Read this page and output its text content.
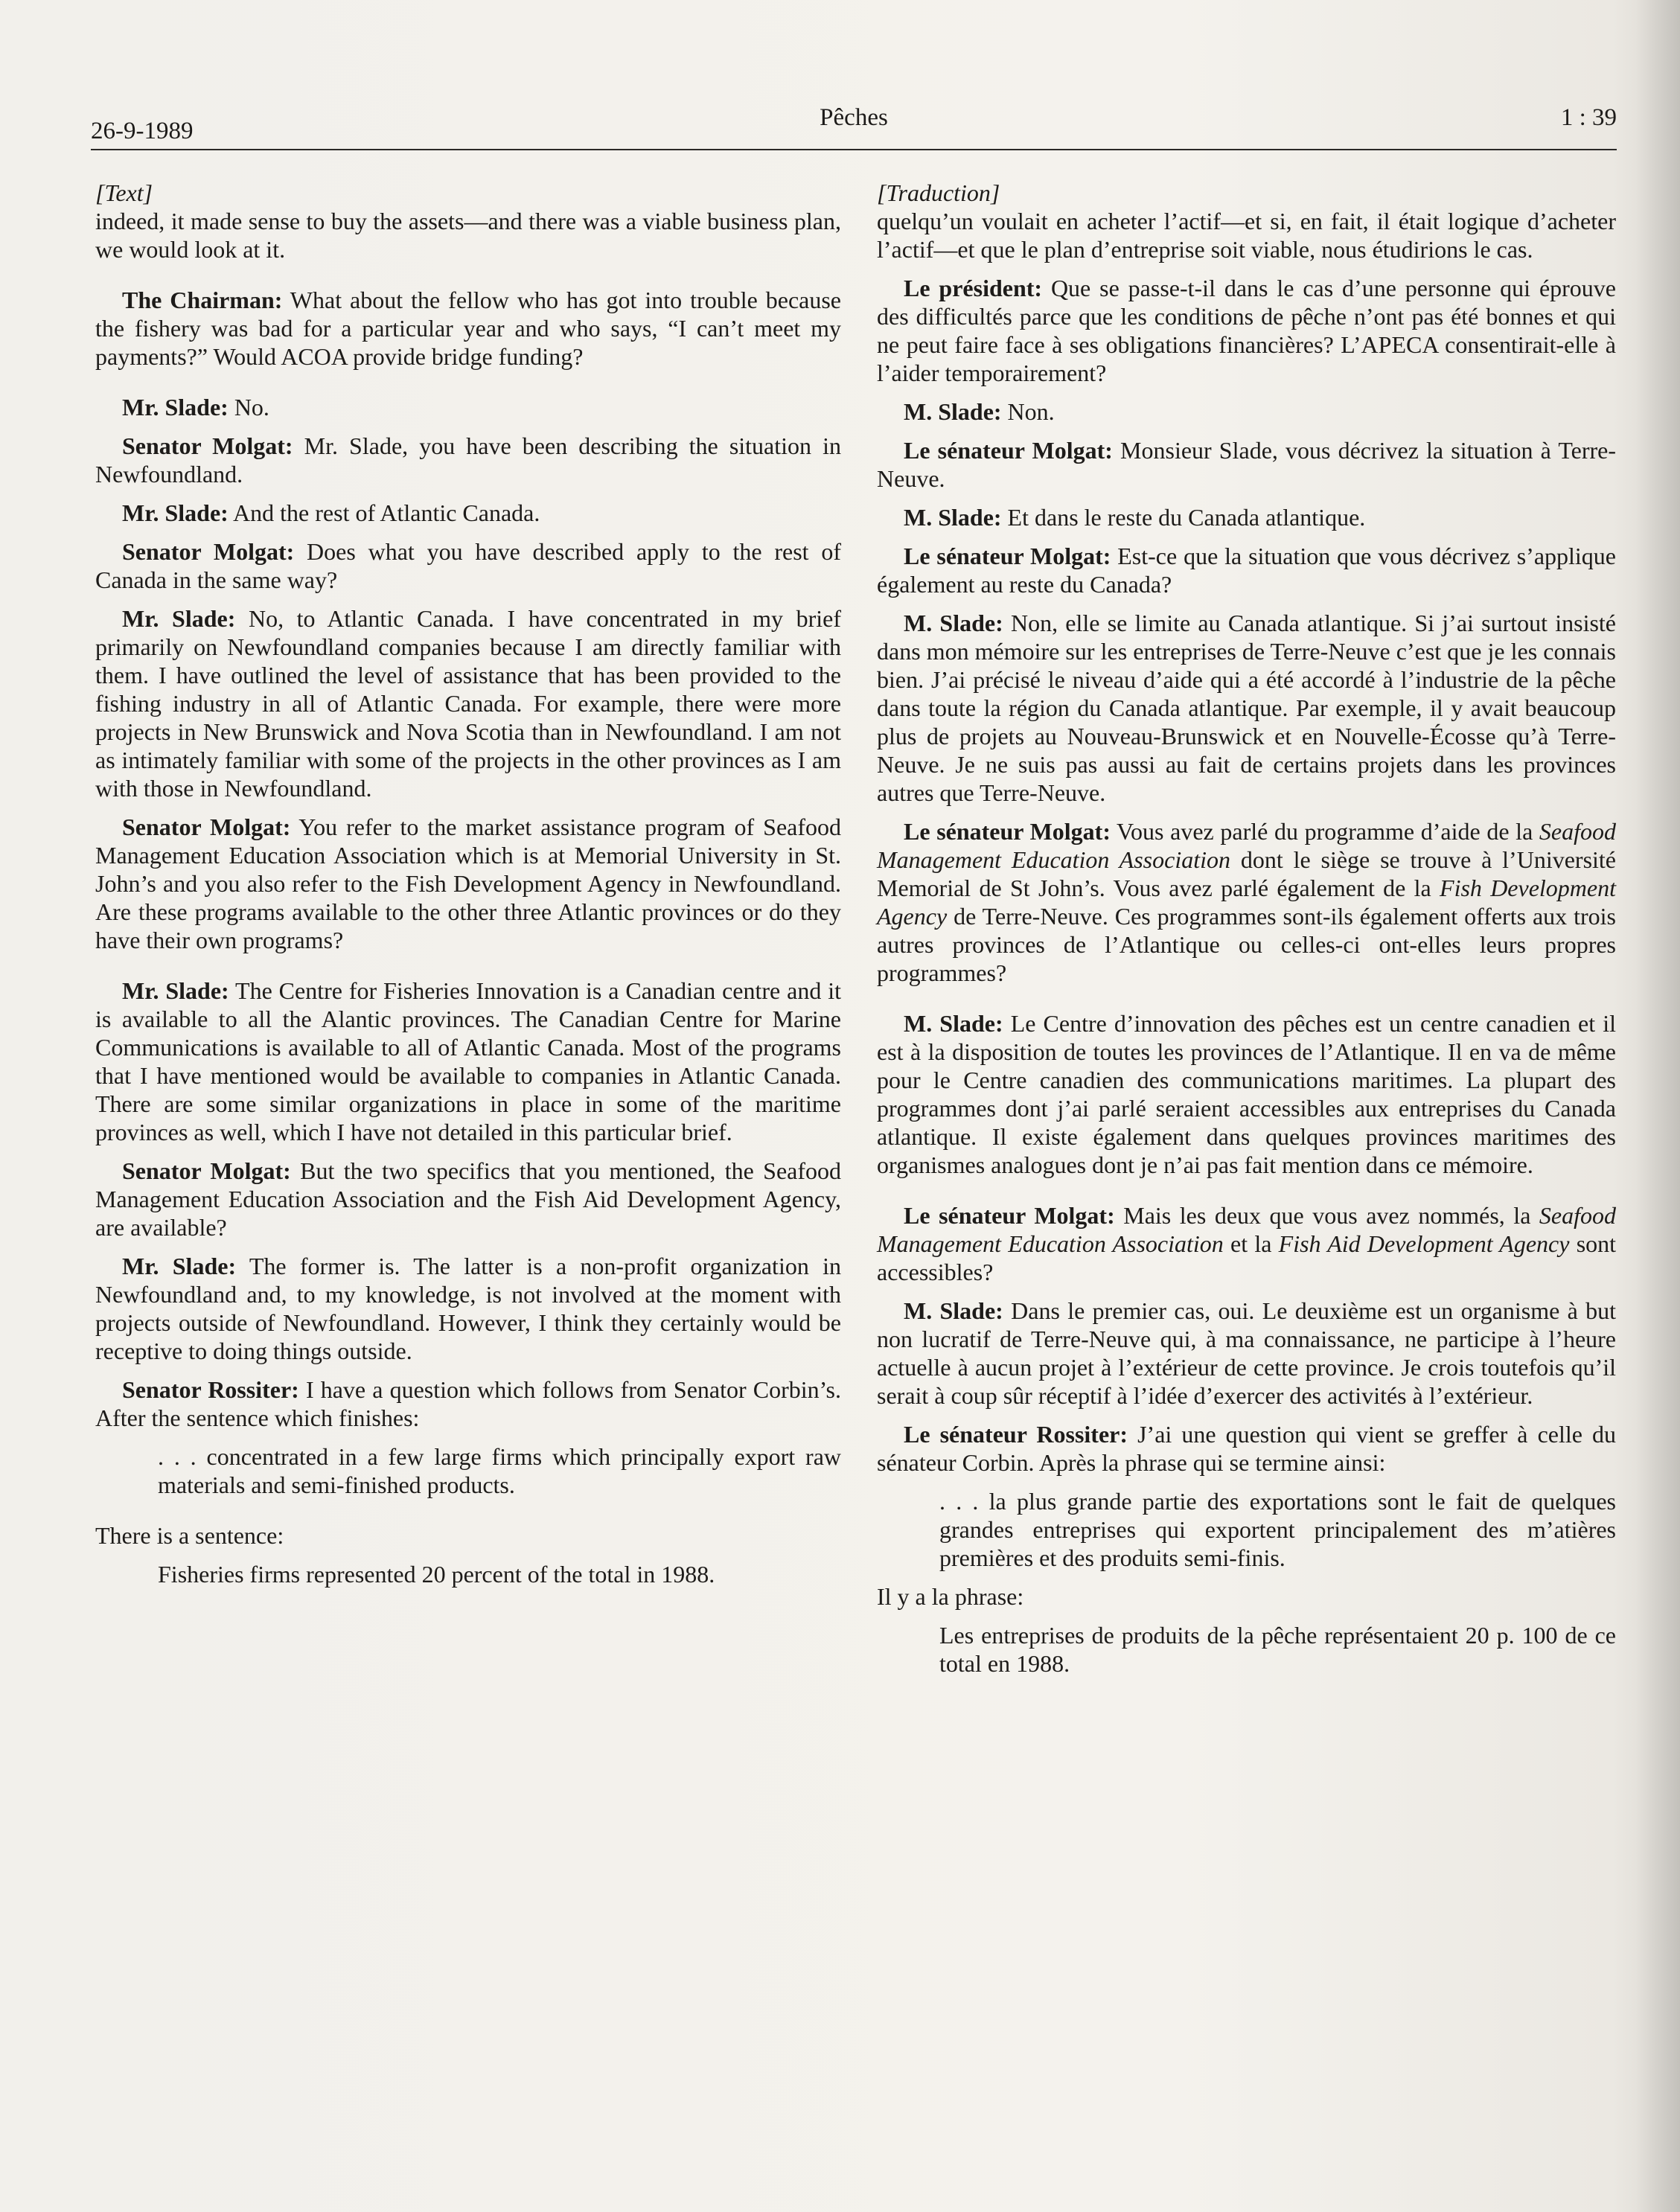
26-9-1989	Pêches	1 : 39

[Text]

indeed, it made sense to buy the assets—and there was a viable business plan, we would look at it.

The Chairman: What about the fellow who has got into trouble because the fishery was bad for a particular year and who says, “I can’t meet my payments?” Would ACOA provide bridge funding?

Mr. Slade: No.

Senator Molgat: Mr. Slade, you have been describing the situation in Newfoundland.

Mr. Slade: And the rest of Atlantic Canada.

Senator Molgat: Does what you have described apply to the rest of Canada in the same way?

Mr. Slade: No, to Atlantic Canada. I have concentrated in my brief primarily on Newfoundland companies because I am directly familiar with them. I have outlined the level of assistance that has been provided to the fishing industry in all of Atlantic Canada. For example, there were more projects in New Brunswick and Nova Scotia than in Newfoundland. I am not as intimately familiar with some of the projects in the other provinces as I am with those in Newfoundland.

Senator Molgat: You refer to the market assistance program of Seafood Management Education Association which is at Memorial University in St. John’s and you also refer to the Fish Development Agency in Newfoundland. Are these programs available to the other three Atlantic provinces or do they have their own programs?

Mr. Slade: The Centre for Fisheries Innovation is a Canadian centre and it is available to all the Alantic provinces. The Canadian Centre for Marine Communications is available to all of Atlantic Canada. Most of the programs that I have mentioned would be available to companies in Atlantic Canada. There are some similar organizations in place in some of the maritime provinces as well, which I have not detailed in this particular brief.

Senator Molgat: But the two specifics that you mentioned, the Seafood Management Education Association and the Fish Aid Development Agency, are available?

Mr. Slade: The former is. The latter is a non-profit organization in Newfoundland and, to my knowledge, is not involved at the moment with projects outside of Newfoundland. However, I think they certainly would be receptive to doing things outside.

Senator Rossiter: I have a question which follows from Senator Corbin’s. After the sentence which finishes:

. . . concentrated in a few large firms which principally export raw materials and semi-finished products.

There is a sentence:

Fisheries firms represented 20 percent of the total in 1988.

[Traduction]

quelqu’un voulait en acheter l’actif—et si, en fait, il était logique d’acheter l’actif—et que le plan d’entreprise soit viable, nous étudirions le cas.

Le président: Que se passe-t-il dans le cas d’une personne qui éprouve des difficultés parce que les conditions de pêche n’ont pas été bonnes et qui ne peut faire face à ses obligations financières? L’APECA consentirait-elle à l’aider temporairement?

M. Slade: Non.

Le sénateur Molgat: Monsieur Slade, vous décrivez la situation à Terre-Neuve.

M. Slade: Et dans le reste du Canada atlantique.

Le sénateur Molgat: Est-ce que la situation que vous décrivez s’applique également au reste du Canada?

M. Slade: Non, elle se limite au Canada atlantique. Si j’ai surtout insisté dans mon mémoire sur les entreprises de Terre-Neuve c’est que je les connais bien. J’ai précisé le niveau d’aide qui a été accordé à l’industrie de la pêche dans toute la région du Canada atlantique. Par exemple, il y avait beaucoup plus de projets au Nouveau-Brunswick et en Nouvelle-Écosse qu’à Terre-Neuve. Je ne suis pas aussi au fait de certains projets dans les provinces autres que Terre-Neuve.

Le sénateur Molgat: Vous avez parlé du programme d’aide de la Seafood Management Education Association dont le siège se trouve à l’Université Memorial de St John’s. Vous avez parlé également de la Fish Development Agency de Terre-Neuve. Ces programmes sont-ils également offerts aux trois autres provinces de l’Atlantique ou celles-ci ont-elles leurs propres programmes?

M. Slade: Le Centre d’innovation des pêches est un centre canadien et il est à la disposition de toutes les provinces de l’Atlantique. Il en va de même pour le Centre canadien des communications maritimes. La plupart des programmes dont j’ai parlé seraient accessibles aux entreprises du Canada atlantique. Il existe également dans quelques provinces maritimes des organismes analogues dont je n’ai pas fait mention dans ce mémoire.

Le sénateur Molgat: Mais les deux que vous avez nommés, la Seafood Management Education Association et la Fish Aid Development Agency sont accessibles?

M. Slade: Dans le premier cas, oui. Le deuxième est un organisme à but non lucratif de Terre-Neuve qui, à ma connaissance, ne participe à l’heure actuelle à aucun projet à l’extérieur de cette province. Je crois toutefois qu’il serait à coup sûr réceptif à l’idée d’exercer des activités à l’extérieur.

Le sénateur Rossiter: J’ai une question qui vient se greffer à celle du sénateur Corbin. Après la phrase qui se termine ainsi:

. . . la plus grande partie des exportations sont le fait de quelques grandes entreprises qui exportent principalement des m’atières premières et des produits semi-finis.

Il y a la phrase:

Les entreprises de produits de la pêche représentaient 20 p. 100 de ce total en 1988.
